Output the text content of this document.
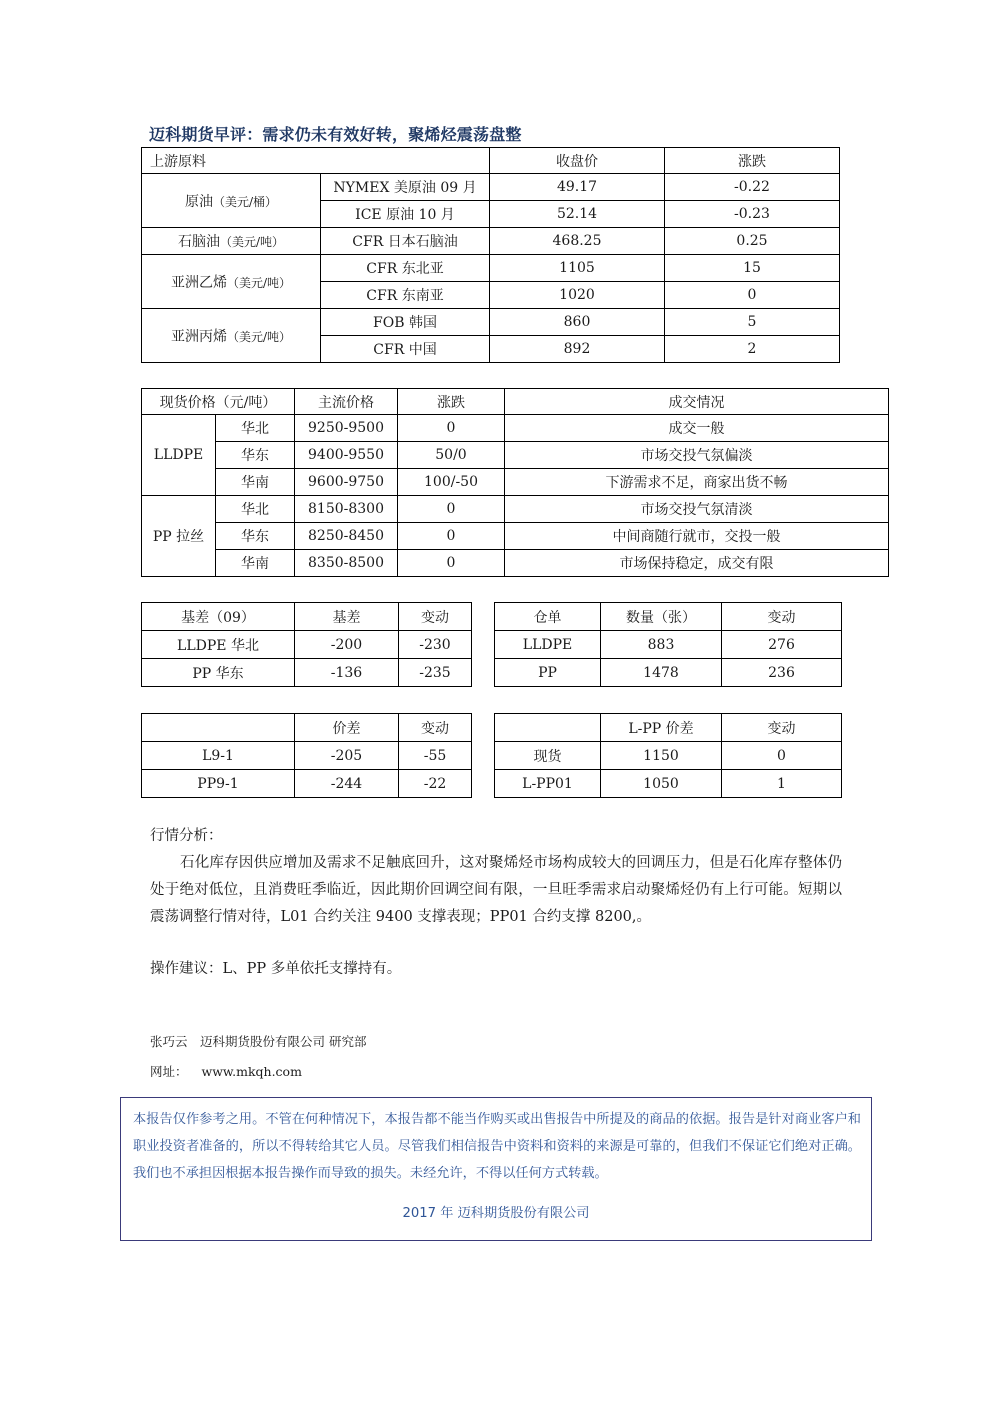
迈科期货早评：需求仍未有效好转，聚烯烃震荡盘整
上游原料		收盘价	涨跌
原油（美元/桶）	NYMEX 美原油 09 月	49.17	-0.22
	ICE 原油 10 月	52.14	-0.23
石脑油（美元/吨）	CFR 日本石脑油	468.25	0.25
亚洲乙烯（美元/吨）	CFR 东北亚	1105	15
	CFR 东南亚	1020	0
亚洲丙烯（美元/吨）	FOB 韩国	860	5
	CFR 中国	892	2
现货价格（元/吨）		主流价格	涨跌	成交情况
LLDPE	华北	9250-9500	0	成交一般
	华东	9400-9550	50/0	市场交投气氛偏淡
	华南	9600-9750	100/-50	下游需求不足，商家出货不畅
PP 拉丝	华北	8150-8300	0	市场交投气氛清淡
	华东	8250-8450	0	中间商随行就市，交投一般
	华南	8350-8500	0	市场保持稳定，成交有限
基差（09）	基差	变动
LLDPE 华北	-200	-230
PP 华东	-136	-235
仓单	数量（张）	变动
LLDPE	883	276
PP	1478	236
	价差	变动
L9-1	-205	-55
PP9-1	-244	-22
	L-PP 价差	变动
现货	1150	0
L-PP01	1050	1
行情分析：
石化库存因供应增加及需求不足触底回升，这对聚烯烃市场构成较大的回调压力，但是石化库存整体仍处于绝对低位，且消费旺季临近，因此期价回调空间有限，一旦旺季需求启动聚烯烃仍有上行可能。短期以震荡调整行情对待，L01 合约关注 9400 支撑表现；PP01 合约支撑 8200,。
操作建议：L、PP 多单依托支撑持有。
张巧云　迈科期货股份有限公司 研究部
网址： www.mkqh.com
本报告仅作参考之用。不管在何种情况下，本报告都不能当作购买或出售报告中所提及的商品的依据。报告是针对商业客户和职业投资者准备的，所以不得转给其它人员。尽管我们相信报告中资料和资料的来源是可靠的，但我们不保证它们绝对正确。我们也不承担因根据本报告操作而导致的损失。未经允许，不得以任何方式转载。
2017 年 迈科期货股份有限公司
